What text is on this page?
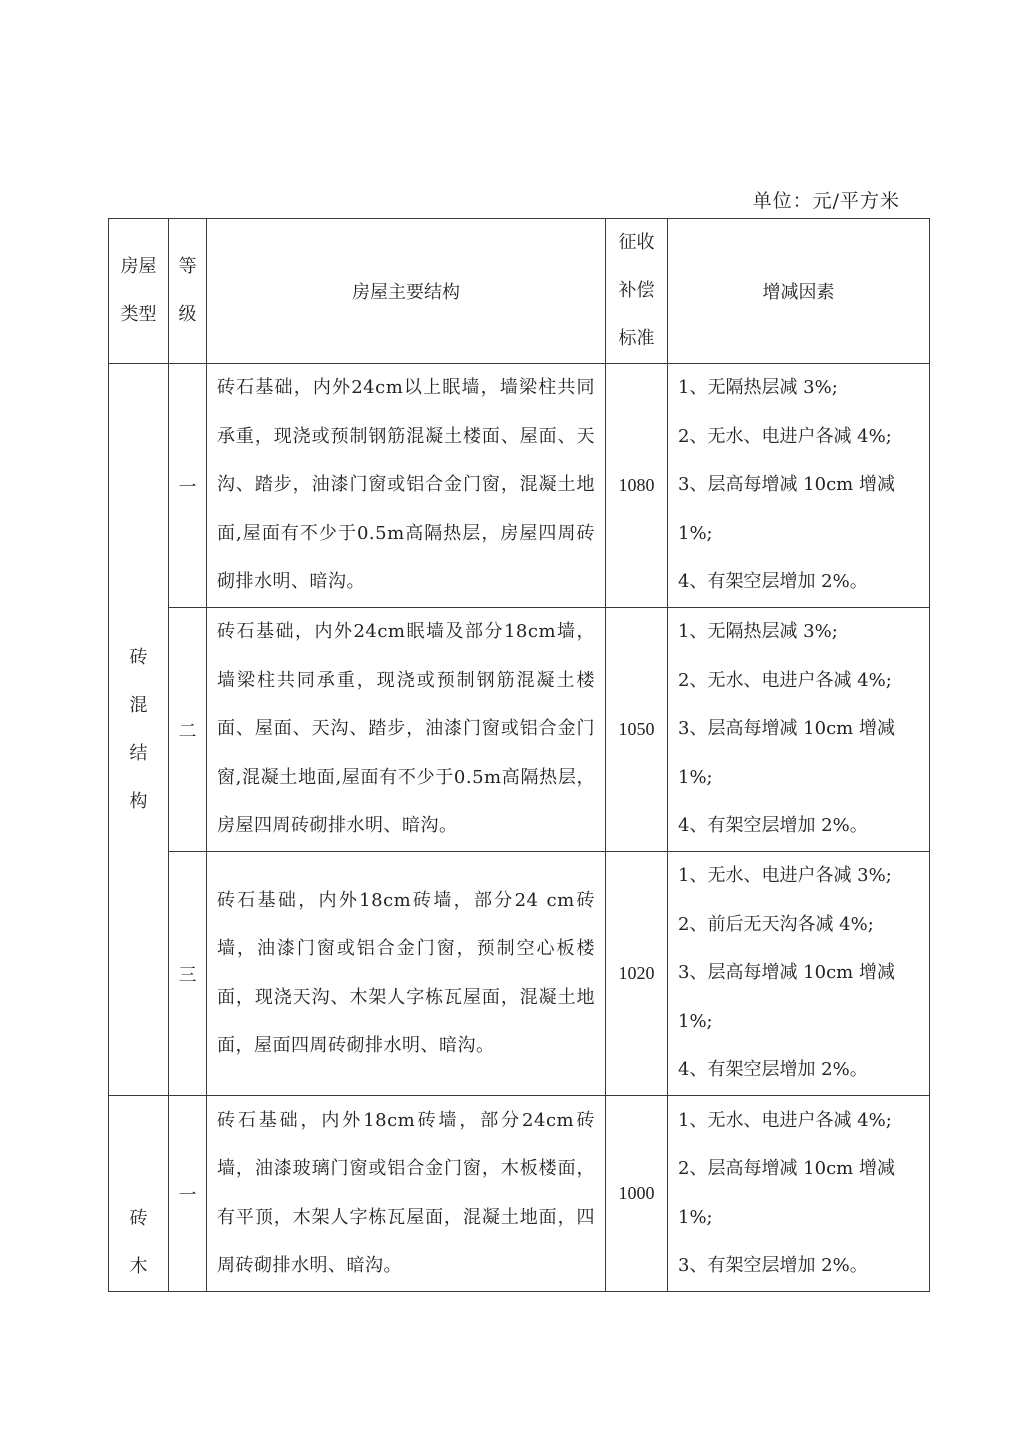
单位：元/平方米
房屋类型	等级	房屋主要结构	征收补偿标准	增减因素

砖混结构	一	砖石基础，内外24cm以上眠墙，墙梁柱共同承重，现浇或预制钢筋混凝土楼面、屋面、天沟、踏步，油漆门窗或铝合金门窗，混凝土地面,屋面有不少于0.5m高隔热层，房屋四周砖砌排水明、暗沟。	1080	1、无隔热层减 3%;
2、无水、电进户各减 4%;
3、层高每增减 10cm 增减
1%;
4、有架空层增加 2%。

	二	砖石基础，内外24cm眠墙及部分18cm墙，墙梁柱共同承重，现浇或预制钢筋混凝土楼面、屋面、天沟、踏步，油漆门窗或铝合金门窗,混凝土地面,屋面有不少于0.5m高隔热层，房屋四周砖砌排水明、暗沟。	1050	1、无隔热层减 3%;
2、无水、电进户各减 4%;
3、层高每增减 10cm 增减
1%;
4、有架空层增加 2%。

	三	砖石基础，内外18cm砖墙，部分24 cm砖墙，油漆门窗或铝合金门窗，预制空心板楼面，现浇天沟、木架人字栋瓦屋面，混凝土地面，屋面四周砖砌排水明、暗沟。	1020	1、无水、电进户各减 3%;
2、前后无天沟各减 4%;
3、层高每增减 10cm 增减
1%;
4、有架空层增加 2%。

砖木	一	砖石基础，内外18cm砖墙，部分24cm砖墙，油漆玻璃门窗或铝合金门窗，木板楼面，有平顶，木架人字栋瓦屋面，混凝土地面，四周砖砌排水明、暗沟。	1000	1、无水、电进户各减 4%;
2、层高每增减 10cm 增减
1%;
3、有架空层增加 2%。
